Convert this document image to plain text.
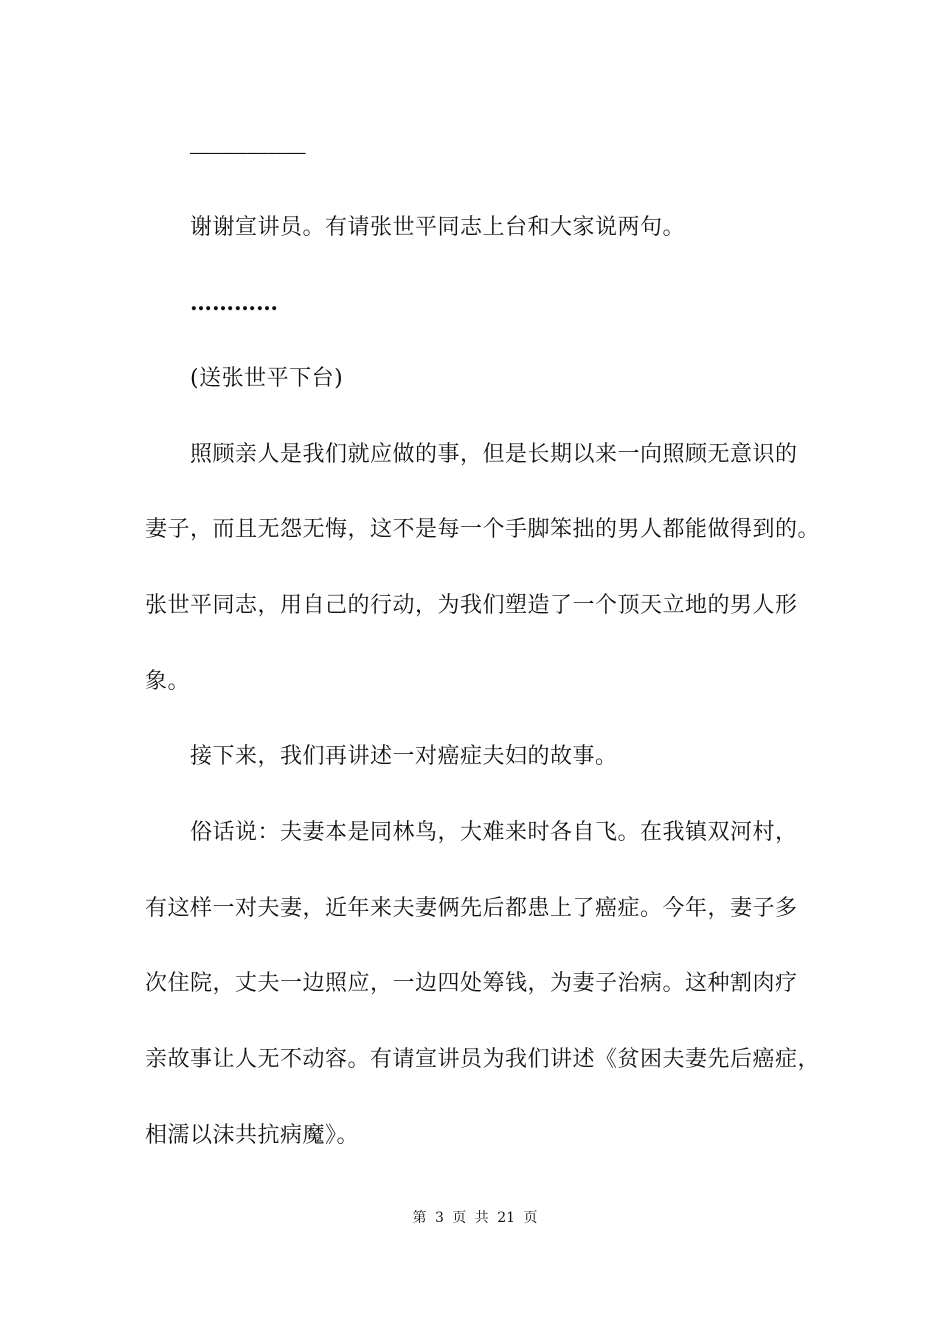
————————————
谢谢宣讲员。有请张世平同志上台和大家说两句。
…………
(送张世平下台)
照顾亲人是我们就应做的事，但是长期以来一向照顾无意识的
妻子，而且无怨无悔，这不是每一个手脚笨拙的男人都能做得到的。
张世平同志，用自己的行动，为我们塑造了一个顶天立地的男人形
象。
接下来，我们再讲述一对癌症夫妇的故事。
俗话说：夫妻本是同林鸟，大难来时各自飞。在我镇双河村，
有这样一对夫妻，近年来夫妻俩先后都患上了癌症。今年，妻子多
次住院，丈夫一边照应，一边四处筹钱，为妻子治病。这种割肉疗
亲故事让人无不动容。有请宣讲员为我们讲述《贫困夫妻先后癌症，
相濡以沫共抗病魔》。
第 3 页 共 21 页
